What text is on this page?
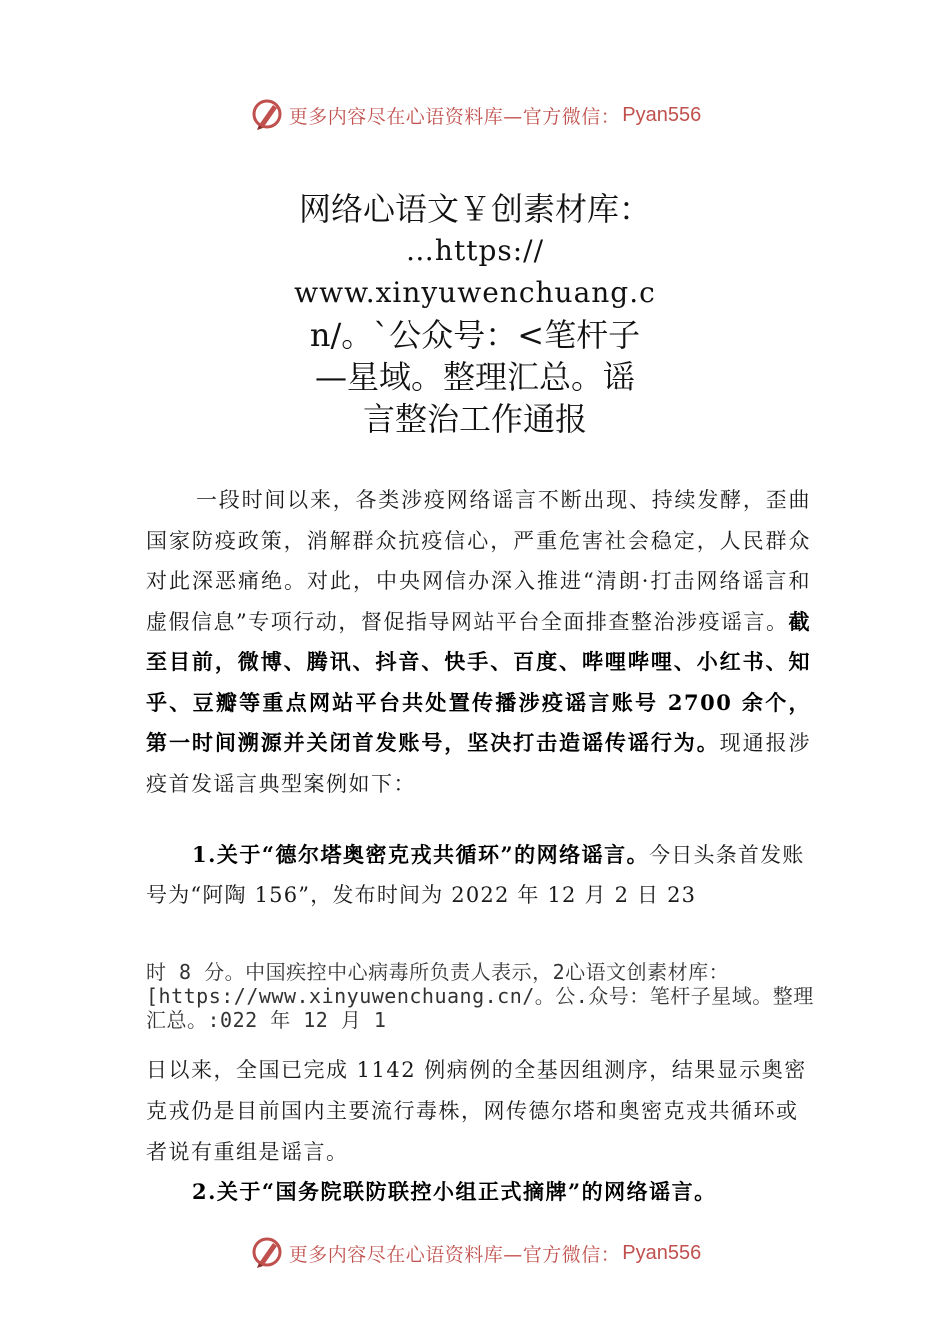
更多内容尽在心语资料库—官方微信： Pyan556
网络心语文￥创素材库：
…https://
www.xinyuwenchuang.c
n/。`公众号：<笔杆子
—星域。整理汇总。谣
言整治工作通报
一段时间以来，各类涉疫网络谣言不断出现、持续发酵，歪曲国家防疫政策，消解群众抗疫信心，严重危害社会稳定，人民群众对此深恶痛绝。对此，中央网信办深入推进“清朗·打击网络谣言和虚假信息”专项行动，督促指导网站平台全面排查整治涉疫谣言。截至目前，微博、腾讯、抖音、快手、百度、哔哩哔哩、小红书、知乎、豆瓣等重点网站平台共处置传播涉疫谣言账号 2700 余个，第一时间溯源并关闭首发账号，坚决打击造谣传谣行为。现通报涉疫首发谣言典型案例如下：
1.关于“德尔塔奥密克戎共循环”的网络谣言。今日头条首发账号为“阿陶 156”，发布时间为 2022 年 12 月 2 日 23
时 8 分。中国疾控中心病毒所负责人表示，2心语文创素材库：[https://www.xinyuwenchuang.cn/。公.众号：笔杆子星域。整理汇总。:022 年 12 月 1
日以来，全国已完成 1142 例病例的全基因组测序，结果显示奥密克戎仍是目前国内主要流行毒株，网传德尔塔和奥密克戎共循环或者说有重组是谣言。
2.关于“国务院联防联控小组正式摘牌”的网络谣言。
更多内容尽在心语资料库—官方微信： Pyan556
